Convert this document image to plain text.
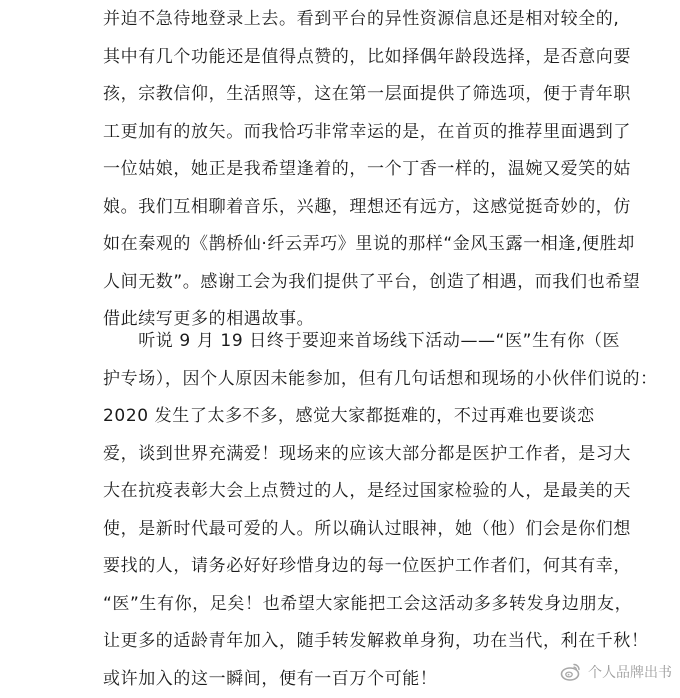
并迫不急待地登录上去。看到平台的异性资源信息还是相对较全的,
其中有几个功能还是值得点赞的，比如择偶年龄段选择，是否意向要
孩，宗教信仰，生活照等，这在第一层面提供了筛选项，便于青年职
工更加有的放矢。而我恰巧非常幸运的是，在首页的推荐里面遇到了
一位姑娘，她正是我希望逢着的，一个丁香一样的，温婉又爱笑的姑
娘。我们互相聊着音乐，兴趣，理想还有远方，这感觉挺奇妙的，仿
如在秦观的《鹊桥仙·纤云弄巧》里说的那样“金风玉露一相逢,便胜却
人间无数”。感谢工会为我们提供了平台，创造了相遇，而我们也希望
借此续写更多的相遇故事。
　　听说 9 月 19 日终于要迎来首场线下活动——“医”生有你（医
护专场），因个人原因未能参加，但有几句话想和现场的小伙伴们说的：
2020 发生了太多不多，感觉大家都挺难的，不过再难也要谈恋
爱，谈到世界充满爱！现场来的应该大部分都是医护工作者，是习大
大在抗疫表彰大会上点赞过的人，是经过国家检验的人，是最美的天
使，是新时代最可爱的人。所以确认过眼神，她（他）们会是你们想
要找的人，请务必好好珍惜身边的每一位医护工作者们，何其有幸，
“医”生有你，足矣！也希望大家能把工会这活动多多转发身边朋友，
让更多的适龄青年加入，随手转发解救单身狗，功在当代，利在千秋！
或许加入的这一瞬间，便有一百万个可能！	个人品牌出书
